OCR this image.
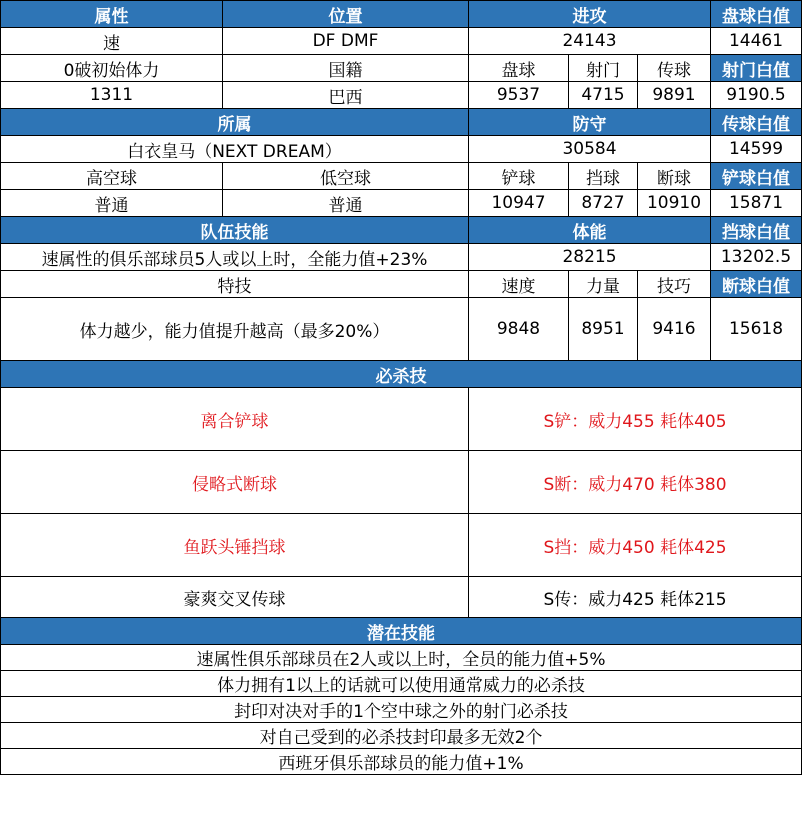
属性	位置	进攻			盘球白值
速	DF DMF	24143			14461
0破初始体力	国籍	盘球	射门	传球	射门白值
1311	巴西	9537	4715	9891	9190.5
所属		防守			传球白值
白衣皇马（NEXT DREAM）		30584			14599
高空球	低空球	铲球	挡球	断球	铲球白值
普通	普通	10947	8727	10910	15871
队伍技能		体能			挡球白值
速属性的俱乐部球员5人或以上时，全能力值+23%		28215			13202.5
特技		速度	力量	技巧	断球白值
体力越少，能力值提升越高（最多20%）		9848	8951	9416	15618
必杀技					
离合铲球		S铲：威力455 耗体405			
侵略式断球		S断：威力470 耗体380			
鱼跃头锤挡球		S挡：威力450 耗体425			
豪爽交叉传球		S传：威力425 耗体215			
潜在技能					
速属性俱乐部球员在2人或以上时，全员的能力值+5%					
体力拥有1以上的话就可以使用通常威力的必杀技					
封印对决对手的1个空中球之外的射门必杀技					
对自己受到的必杀技封印最多无效2个					
西班牙俱乐部球员的能力值+1%					
